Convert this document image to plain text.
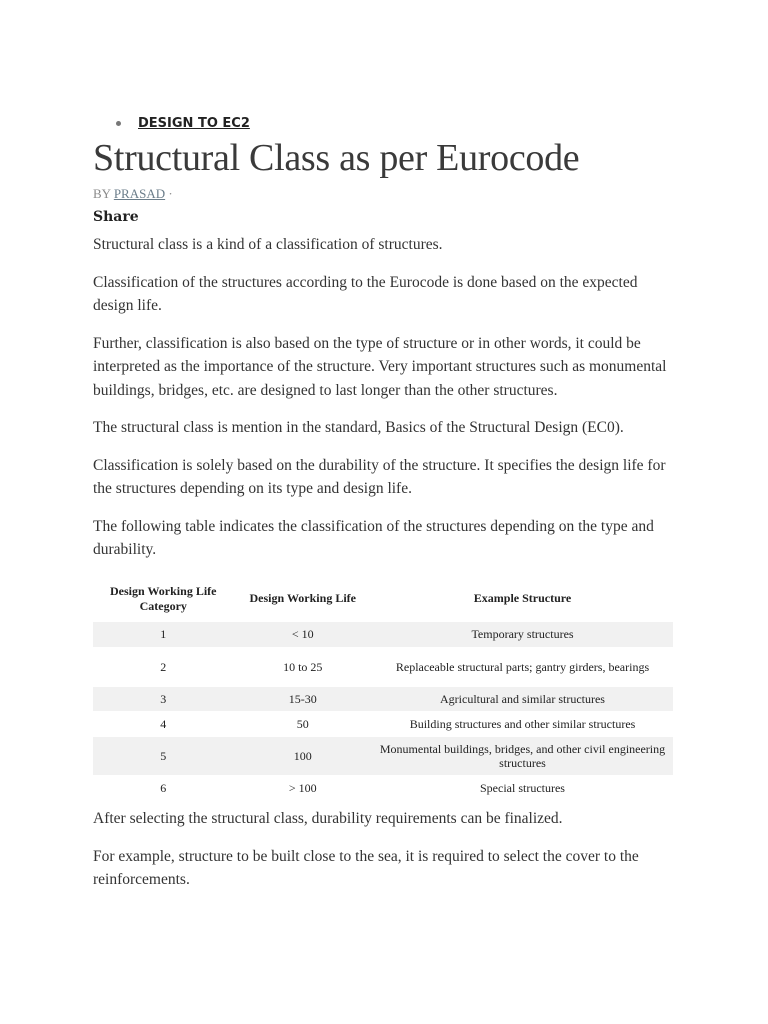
DESIGN TO EC2
Structural Class as per Eurocode
BY PRASAD ·
Share

Structural class is a kind of a classification of structures.

Classification of the structures according to the Eurocode is done based on the expected design life.

Further, classification is also based on the type of structure or in other words, it could be interpreted as the importance of the structure. Very important structures such as monumental buildings, bridges, etc. are designed to last longer than the other structures.

The structural class is mention in the standard, Basics of the Structural Design (EC0).

Classification is solely based on the durability of the structure. It specifies the design life for the structures depending on its type and design life.

The following table indicates the classification of the structures depending on the type and durability.

Design Working Life Category	Design Working Life	Example Structure
1	< 10	Temporary structures
2	10 to 25	Replaceable structural parts; gantry girders, bearings
3	15-30	Agricultural and similar structures
4	50	Building structures and other similar structures
5	100	Monumental buildings, bridges, and other civil engineering structures
6	> 100	Special structures

After selecting the structural class, durability requirements can be finalized.

For example, structure to be built close to the sea, it is required to select the cover to the reinforcements.
